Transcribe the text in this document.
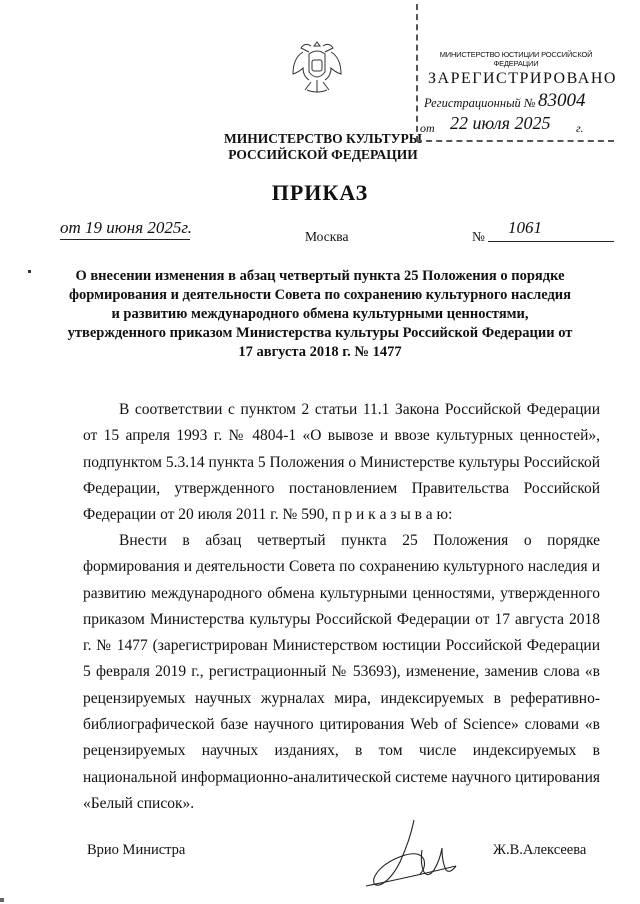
МИНИСТЕРСТВО КУЛЬТУРЫ
РОССИЙСКОЙ ФЕДЕРАЦИИ
МИНИСТЕРСТВО ЮСТИЦИИ РОССИЙСКОЙ ФЕДЕРАЦИИ
ЗАРЕГИСТРИРОВАНО
Регистрационный № 83004
от 22 июля 2025 г.
ПРИКАЗ
от 19 июня 2025г.	Москва	№ 1061
О внесении изменения в абзац четвертый пункта 25 Положения о порядке формирования и деятельности Совета по сохранению культурного наследия и развитию международного обмена культурными ценностями, утвержденного приказом Министерства культуры Российской Федерации от 17 августа 2018 г. № 1477
В соответствии с пунктом 2 статьи 11.1 Закона Российской Федерации от 15 апреля 1993 г. № 4804-1 «О вывозе и ввозе культурных ценностей», подпунктом 5.3.14 пункта 5 Положения о Министерстве культуры Российской Федерации, утвержденного постановлением Правительства Российской Федерации от 20 июля 2011 г. № 590, п р и к а з ы в а ю:
Внести в абзац четвертый пункта 25 Положения о порядке формирования и деятельности Совета по сохранению культурного наследия и развитию международного обмена культурными ценностями, утвержденного приказом Министерства культуры Российской Федерации от 17 августа 2018 г. № 1477 (зарегистрирован Министерством юстиции Российской Федерации 5 февраля 2019 г., регистрационный № 53693), изменение, заменив слова «в рецензируемых научных журналах мира, индексируемых в реферативно-библиографической базе научного цитирования Web of Science» словами «в рецензируемых научных изданиях, в том числе индексируемых в национальной информационно-аналитической системе научного цитирования «Белый список».
Врио Министра	Ж.В.Алексеева
